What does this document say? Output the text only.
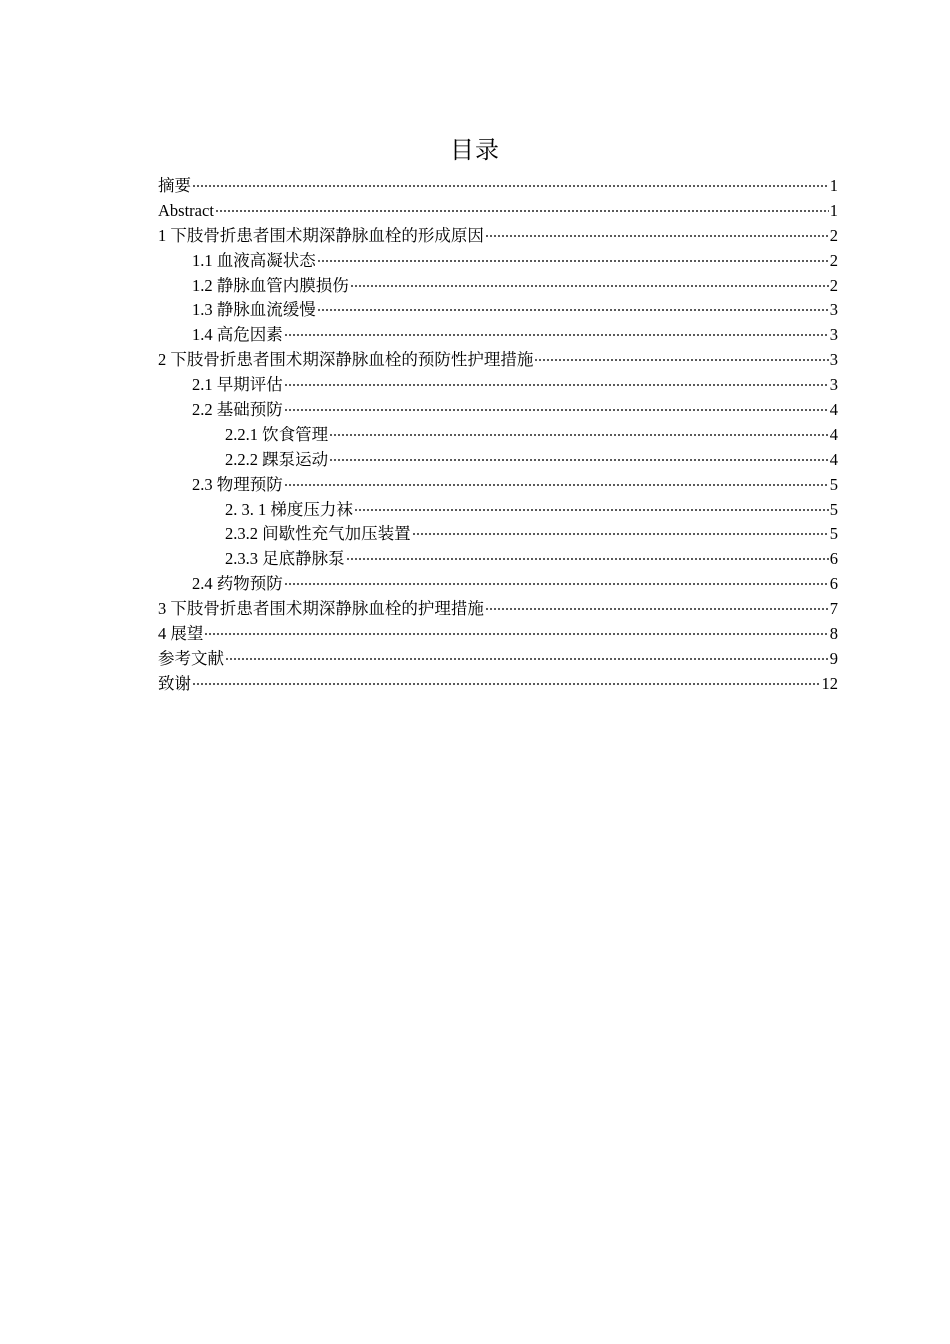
目录
摘要	1
Abstract	1
1 下肢骨折患者围术期深静脉血栓的形成原因	2
1.1 血液高凝状态	2
1.2 静脉血管内膜损伤	2
1.3 静脉血流缓慢	3
1.4 高危因素	3
2 下肢骨折患者围术期深静脉血栓的预防性护理措施	3
2.1 早期评估	3
2.2 基础预防	4
2.2.1 饮食管理	4
2.2.2 踝泵运动	4
2.3 物理预防	5
2. 3. 1 梯度压力袜	5
2.3.2 间歇性充气加压装置	5
2.3.3 足底静脉泵	6
2.4 药物预防	6
3 下肢骨折患者围术期深静脉血栓的护理措施	7
4 展望	8
参考文献	9
致谢	12
